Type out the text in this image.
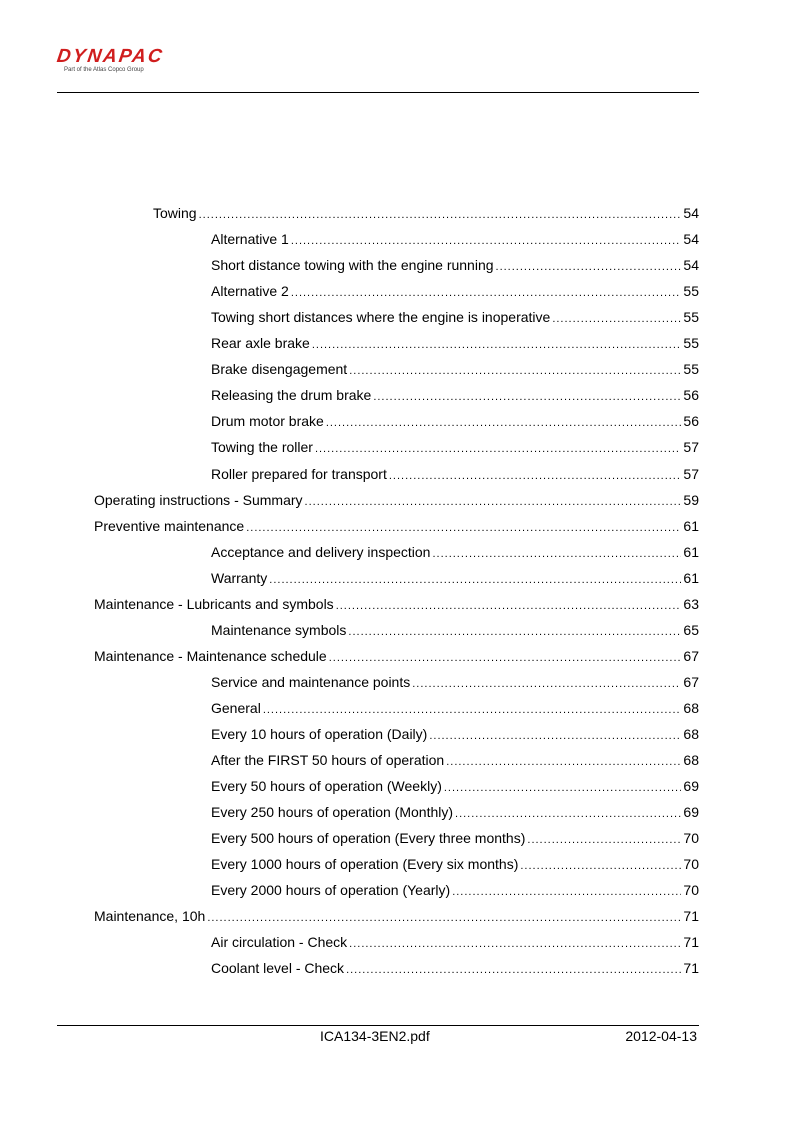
DYNAPAC
Part of the Atlas Copco Group
Towing .....	54
Alternative 1 .....	54
Short distance towing with the engine running .....	54
Alternative 2 .....	55
Towing short distances where the engine is inoperative .....	55
Rear axle brake .....	55
Brake disengagement .....	55
Releasing the drum brake .....	56
Drum motor brake .....	56
Towing the roller .....	57
Roller prepared for transport .....	57
Operating instructions - Summary .....	59
Preventive maintenance .....	61
Acceptance and delivery inspection .....	61
Warranty .....	61
Maintenance - Lubricants and symbols .....	63
Maintenance symbols .....	65
Maintenance - Maintenance schedule .....	67
Service and maintenance points .....	67
General .....	68
Every 10 hours of operation (Daily) .....	68
After the FIRST 50 hours of operation .....	68
Every 50 hours of operation (Weekly) .....	69
Every 250 hours of operation (Monthly) .....	69
Every 500 hours of operation (Every three months) .....	70
Every 1000 hours of operation (Every six months) .....	70
Every 2000 hours of operation (Yearly) .....	70
Maintenance, 10h .....	71
Air circulation - Check .....	71
Coolant level - Check .....	71
ICA134-3EN2.pdf	2012-04-13
